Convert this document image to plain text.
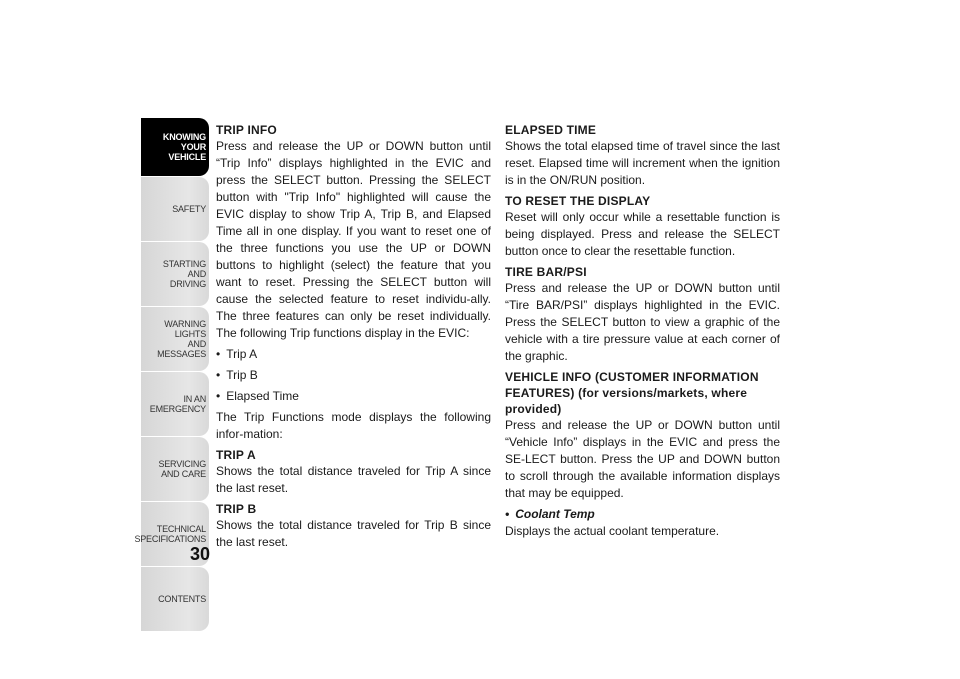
KNOWING
YOUR
VEHICLE
SAFETY
STARTING
AND
DRIVING
WARNING
LIGHTS
AND
MESSAGES
IN AN
EMERGENCY
SERVICING
AND CARE
TECHNICAL
SPECIFICATIONS
CONTENTS
30
TRIP INFO

Press and release the UP or DOWN button until “Trip Info” displays highlighted in the EVIC and press the SELECT button. Pressing the SELECT button with "Trip Info" highlighted will cause the EVIC display to show Trip A, Trip B, and Elapsed Time all in one display. If you want to reset one of the three functions you use the UP or DOWN buttons to highlight (select) the feature that you want to reset. Pressing the SELECT button will cause the selected feature to reset individu-ally. The three features can only be reset individually. The following Trip functions display in the EVIC:

• Trip A
• Trip B
• Elapsed Time

The Trip Functions mode displays the following infor-mation:

TRIP A

Shows the total distance traveled for Trip A since the last reset.

TRIP B

Shows the total distance traveled for Trip B since the last reset.

ELAPSED TIME

Shows the total elapsed time of travel since the last reset. Elapsed time will increment when the ignition is in the ON/RUN position.

TO RESET THE DISPLAY

Reset will only occur while a resettable function is being displayed. Press and release the SELECT button once to clear the resettable function.

TIRE BAR/PSI

Press and release the UP or DOWN button until “Tire BAR/PSI” displays highlighted in the EVIC. Press the SELECT button to view a graphic of the vehicle with a tire pressure value at each corner of the graphic.

VEHICLE INFO (CUSTOMER INFORMATION FEATURES) (for versions/markets, where provided)

Press and release the UP or DOWN button until “Vehicle Info” displays in the EVIC and press the SE-LECT button. Press the UP and DOWN button to scroll through the available information displays that may be equipped.

• Coolant Temp

Displays the actual coolant temperature.
